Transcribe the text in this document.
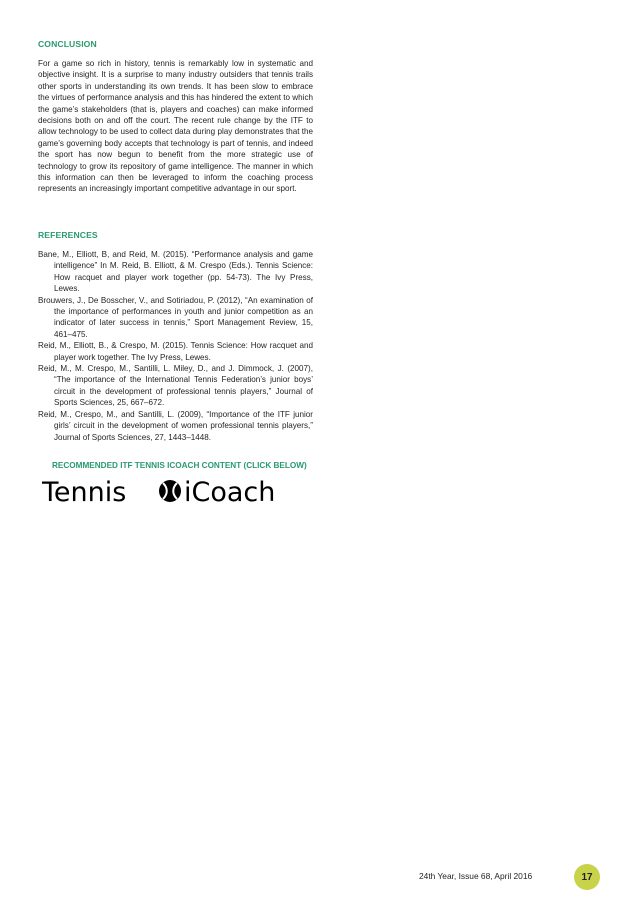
CONCLUSION

For a game so rich in history, tennis is remarkably low in systematic and objective insight. It is a surprise to many industry outsiders that tennis trails other sports in understanding its own trends. It has been slow to embrace the virtues of performance analysis and this has hindered the extent to which the game’s stakeholders (that is, players and coaches) can make informed decisions both on and off the court. The recent rule change by the ITF to allow technology to be used to collect data during play demonstrates that the game’s governing body accepts that technology is part of tennis, and indeed the sport has now begun to benefit from the more strategic use of technology to grow its repository of game intelligence. The manner in which this information can then be leveraged to inform the coaching process represents an increasingly important competitive advantage in our sport.

REFERENCES
Bane, M., Elliott, B, and Reid, M. (2015). “Performance analysis and game intelligence” In M. Reid, B. Elliott, & M. Crespo (Eds.). Tennis Science: How racquet and player work together (pp. 54-73). The Ivy Press, Lewes.
Brouwers, J., De Bosscher, V., and Sotiriadou, P. (2012), “An examination of the importance of performances in youth and junior competition as an indicator of later success in tennis,” Sport Management Review, 15, 461–475.
Reid, M., Elliott, B., & Crespo, M. (2015). Tennis Science: How racquet and player work together. The Ivy Press, Lewes.
Reid, M., M. Crespo, M., Santilli, L. Miley, D., and J. Dimmock, J. (2007), “The importance of the International Tennis Federation’s junior boys’ circuit in the development of professional tennis players,” Journal of Sports Sciences, 25, 667–672.
Reid, M., Crespo, M., and Santilli, L. (2009), “Importance of the ITF junior girls’ circuit in the development of women professional tennis players,” Journal of Sports Sciences, 27, 1443–1448.
RECOMMENDED ITF TENNIS ICOACH CONTENT (CLICK BELOW)
Tennis iCoach
24th Year, Issue 68, April 2016	17
